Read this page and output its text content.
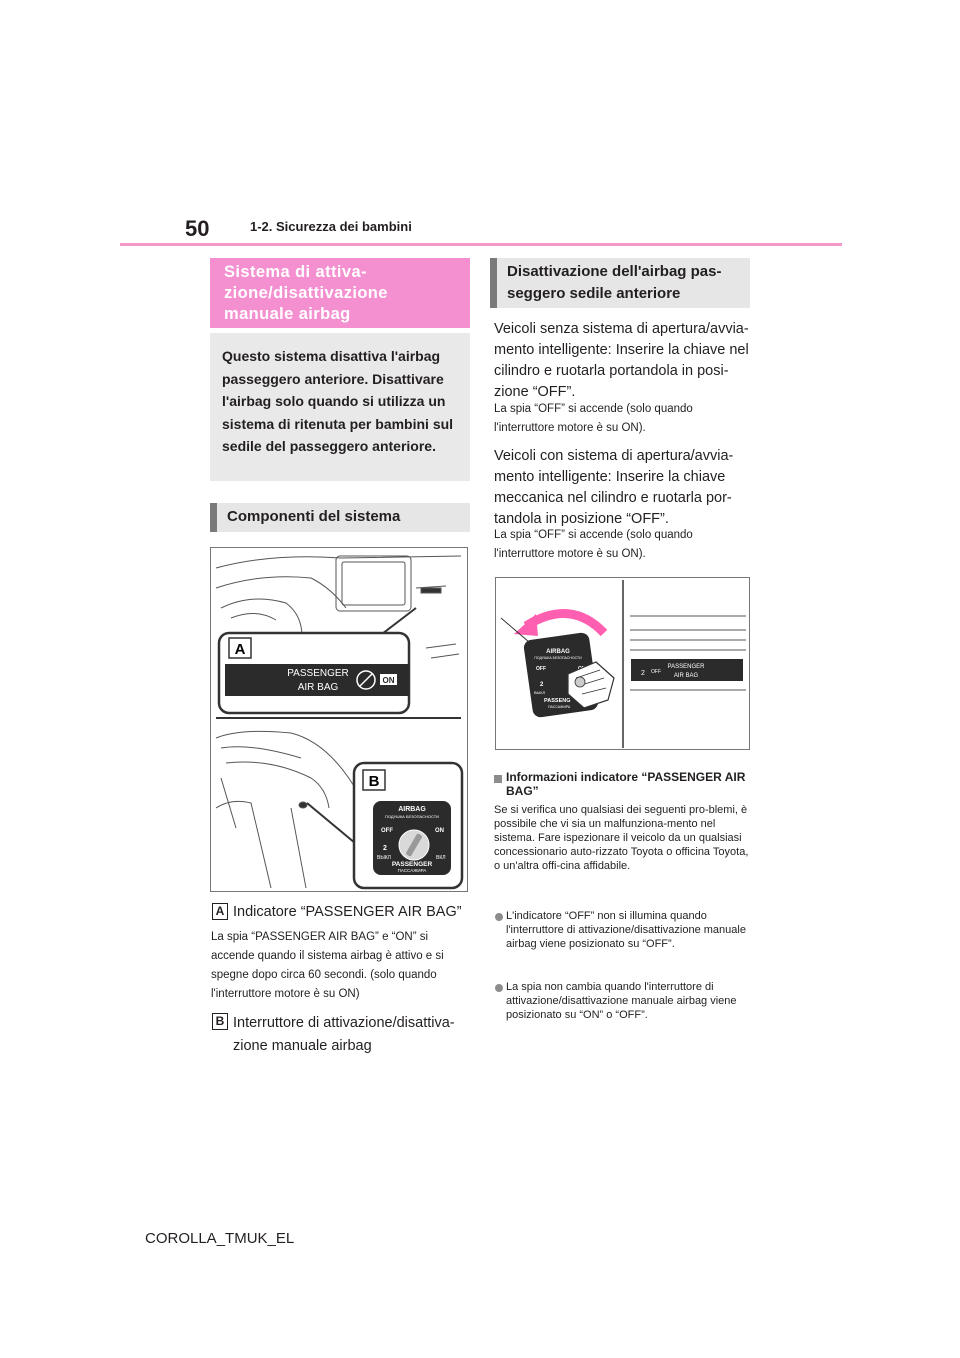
50	1-2. Sicurezza dei bambini
Sistema di attiva-zione/disattivazione manuale airbag
Questo sistema disattiva l'airbag passeggero anteriore. Disattivare l'airbag solo quando si utilizza un sistema di ritenuta per bambini sul sedile del passeggero anteriore.
Componenti del sistema
A
PASSENGER
AIR BAG
ON
B
AIRBAG
ПОДУШКА БЕЗОПАСНОСТИ
OFF	ON
2
ВЫКЛ	ВКЛ
PASSENGER
ПАССАЖИРА
A Indicatore “PASSENGER AIR BAG”
La spia “PASSENGER AIR BAG” e “ON” si accende quando il sistema airbag è attivo e si spegne dopo circa 60 secondi. (solo quando l'interruttore motore è su ON)
B Interruttore di attivazione/disattiva-
zione manuale airbag
Disattivazione dell'airbag pas-seggero sedile anteriore
Veicoli senza sistema di apertura/avvia-mento intelligente: Inserire la chiave nel cilindro e ruotarla portandola in posi-zione “OFF”.
La spia “OFF” si accende (solo quando l'interruttore motore è su ON).
Veicoli con sistema di apertura/avvia-mento intelligente: Inserire la chiave meccanica nel cilindro e ruotarla por-tandola in posizione “OFF”.
La spia “OFF” si accende (solo quando l'interruttore motore è su ON).
2 OFF
PASSENGER
AIR BAG
AIRBAG
ПОДУШКА БЕЗОПАСНОСТИ
OFF
2
ВЫКЛ
PASSENG
ПАССАЖИРА
Informazioni indicatore “PASSENGER AIR BAG”
Se si verifica uno qualsiasi dei seguenti pro-blemi, è possibile che vi sia un malfunziona-mento nel sistema. Fare ispezionare il veicolo da un qualsiasi concessionario auto-rizzato Toyota o officina Toyota, o un'altra offi-cina affidabile.
L'indicatore “OFF” non si illumina quando l'interruttore di attivazione/disattivazione manuale airbag viene posizionato su “OFF”.
La spia non cambia quando l'interruttore di attivazione/disattivazione manuale airbag viene posizionato su “ON” o “OFF”.
COROLLA_TMUK_EL
